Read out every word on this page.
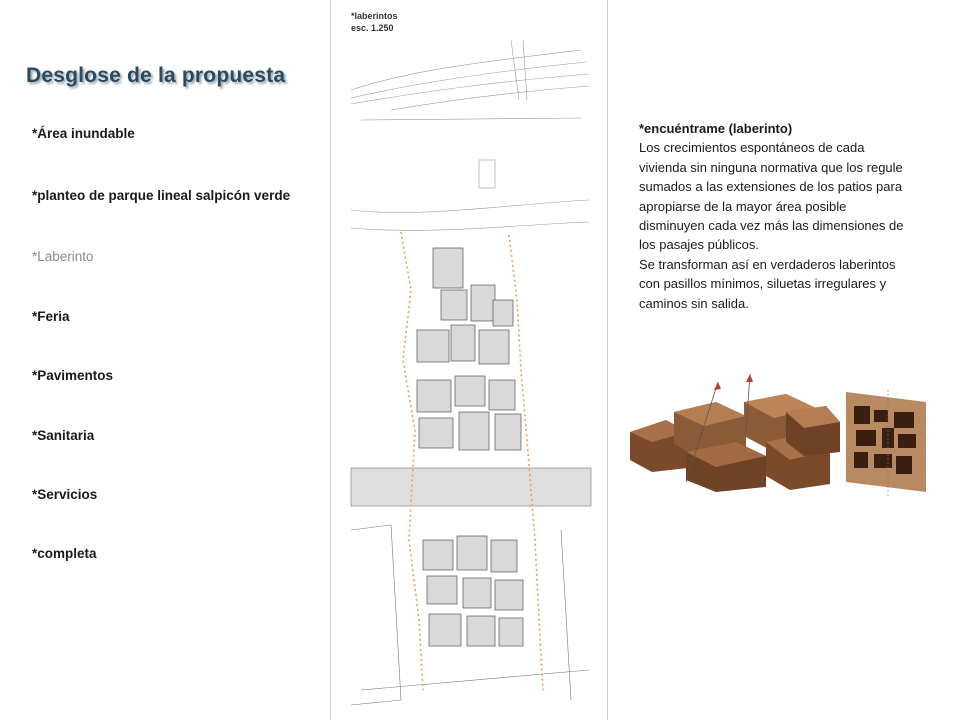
Desglose de la propuesta
*Área inundable
*planteo de parque lineal salpicón verde
*Laberinto
*Feria
*Pavimentos
*Sanitaria
*Servicios
*completa
*laberintos
esc. 1.250
*encuéntrame (laberinto)

Los crecimientos espontáneos de cada vivienda sin ninguna normativa que los regule sumados a las extensiones de los patios para apropiarse de la mayor área posible disminuyen cada vez más las dimensiones de los pasajes públicos.

Se transforman así en verdaderos laberintos con pasillos mínimos, siluetas irregulares y caminos sin salida.
